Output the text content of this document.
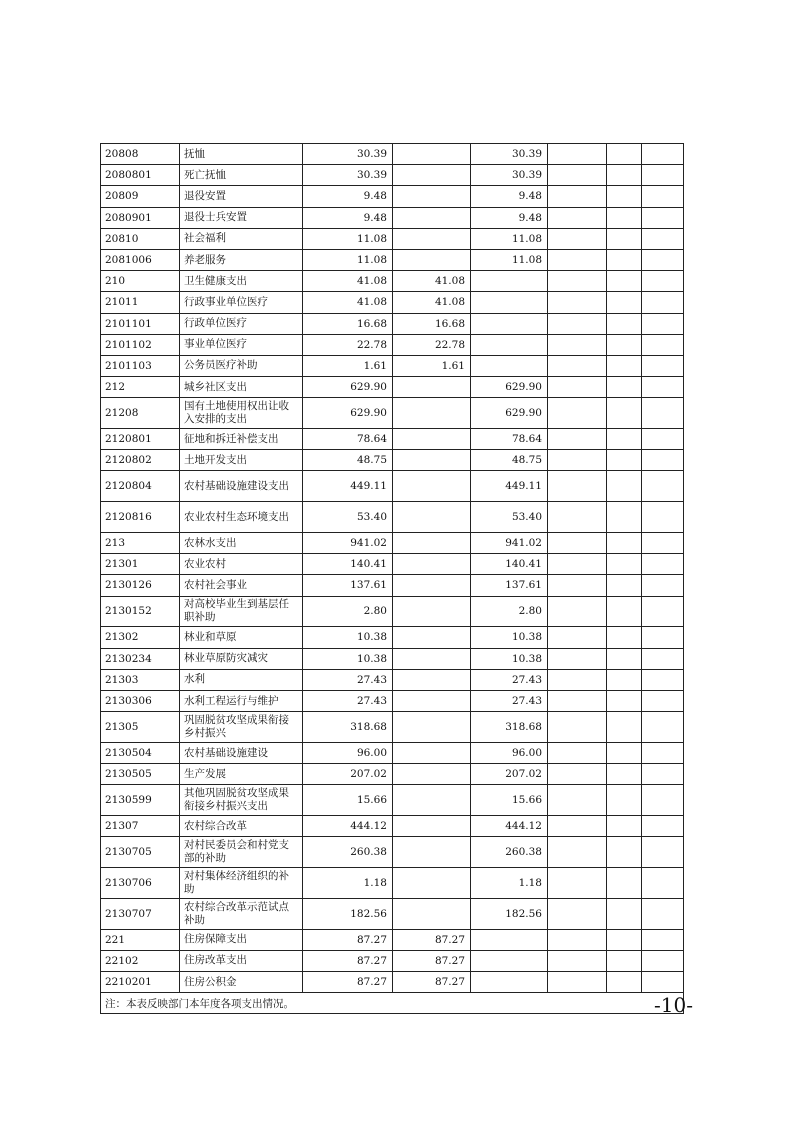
20808	抚恤	30.39		30.39			
2080801	死亡抚恤	30.39		30.39			
20809	退役安置	9.48		9.48			
2080901	退役士兵安置	9.48		9.48			
20810	社会福利	11.08		11.08			
2081006	养老服务	11.08		11.08			
210	卫生健康支出	41.08	41.08				
21011	行政事业单位医疗	41.08	41.08				
2101101	行政单位医疗	16.68	16.68				
2101102	事业单位医疗	22.78	22.78				
2101103	公务员医疗补助	1.61	1.61				
212	城乡社区支出	629.90		629.90			
21208	国有土地使用权出让收入安排的支出	629.90		629.90			
2120801	征地和拆迁补偿支出	78.64		78.64			
2120802	土地开发支出	48.75		48.75			
2120804	农村基础设施建设支出	449.11		449.11			
2120816	农业农村生态环境支出	53.40		53.40			
213	农林水支出	941.02		941.02			
21301	农业农村	140.41		140.41			
2130126	农村社会事业	137.61		137.61			
2130152	对高校毕业生到基层任职补助	2.80		2.80			
21302	林业和草原	10.38		10.38			
2130234	林业草原防灾减灾	10.38		10.38			
21303	水利	27.43		27.43			
2130306	水利工程运行与维护	27.43		27.43			
21305	巩固脱贫攻坚成果衔接乡村振兴	318.68		318.68			
2130504	农村基础设施建设	96.00		96.00			
2130505	生产发展	207.02		207.02			
2130599	其他巩固脱贫攻坚成果衔接乡村振兴支出	15.66		15.66			
21307	农村综合改革	444.12		444.12			
2130705	对村民委员会和村党支部的补助	260.38		260.38			
2130706	对村集体经济组织的补助	1.18		1.18			
2130707	农村综合改革示范试点补助	182.56		182.56			
221	住房保障支出	87.27	87.27				
22102	住房改革支出	87.27	87.27				
2210201	住房公积金	87.27	87.27				
注：本表反映部门本年度各项支出情况。								-10-
